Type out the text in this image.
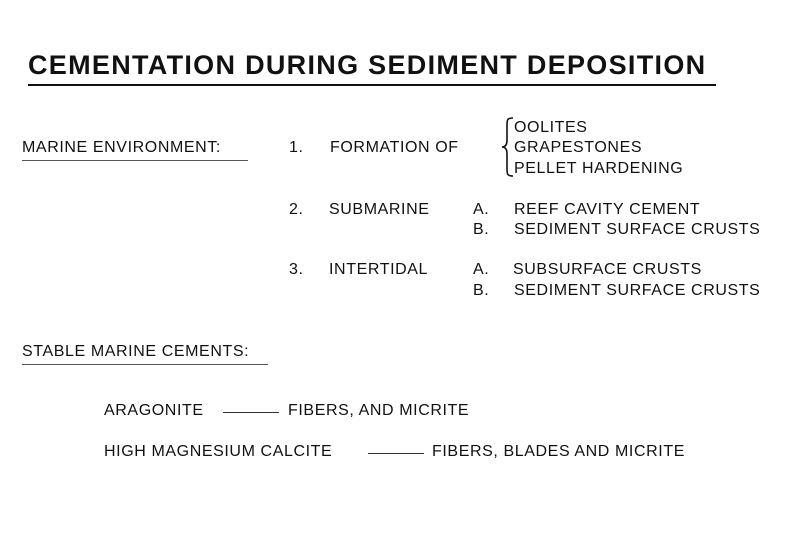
CEMENTATION DURING SEDIMENT DEPOSITION
MARINE ENVIRONMENT:	1. FORMATION OF
OOLITES
GRAPESTONES
PELLET HARDENING
2. SUBMARINE	A. REEF CAVITY CEMENT
B. SEDIMENT SURFACE CRUSTS
3. INTERTIDAL	A. SUBSURFACE CRUSTS
B. SEDIMENT SURFACE CRUSTS
STABLE MARINE CEMENTS:
ARAGONITE	FIBERS, AND MICRITE
HIGH MAGNESIUM CALCITE	FIBERS, BLADES AND MICRITE
